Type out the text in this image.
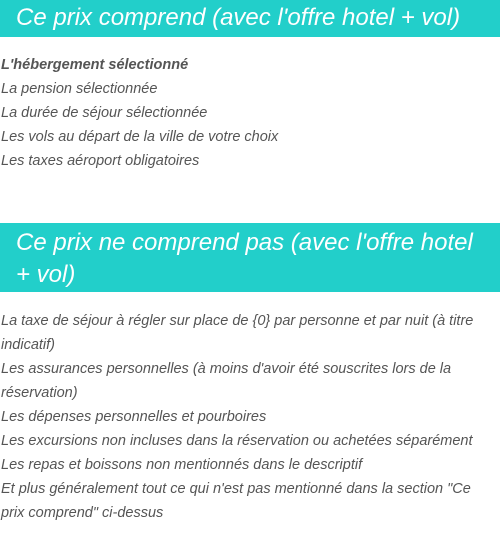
Ce prix comprend (avec l'offre hotel + vol)
L'hébergement sélectionné
La pension sélectionnée
La durée de séjour sélectionnée
Les vols au départ de la ville de votre choix
Les taxes aéroport obligatoires
Ce prix ne comprend pas (avec l'offre hotel + vol)
La taxe de séjour à régler sur place de {0} par personne et par nuit (à titre indicatif)
Les assurances personnelles (à moins d'avoir été souscrites lors de la réservation)
Les dépenses personnelles et pourboires
Les excursions non incluses dans la réservation ou achetées séparément
Les repas et boissons non mentionnés dans le descriptif
Et plus généralement tout ce qui n'est pas mentionné dans la section "Ce prix comprend" ci-dessus
